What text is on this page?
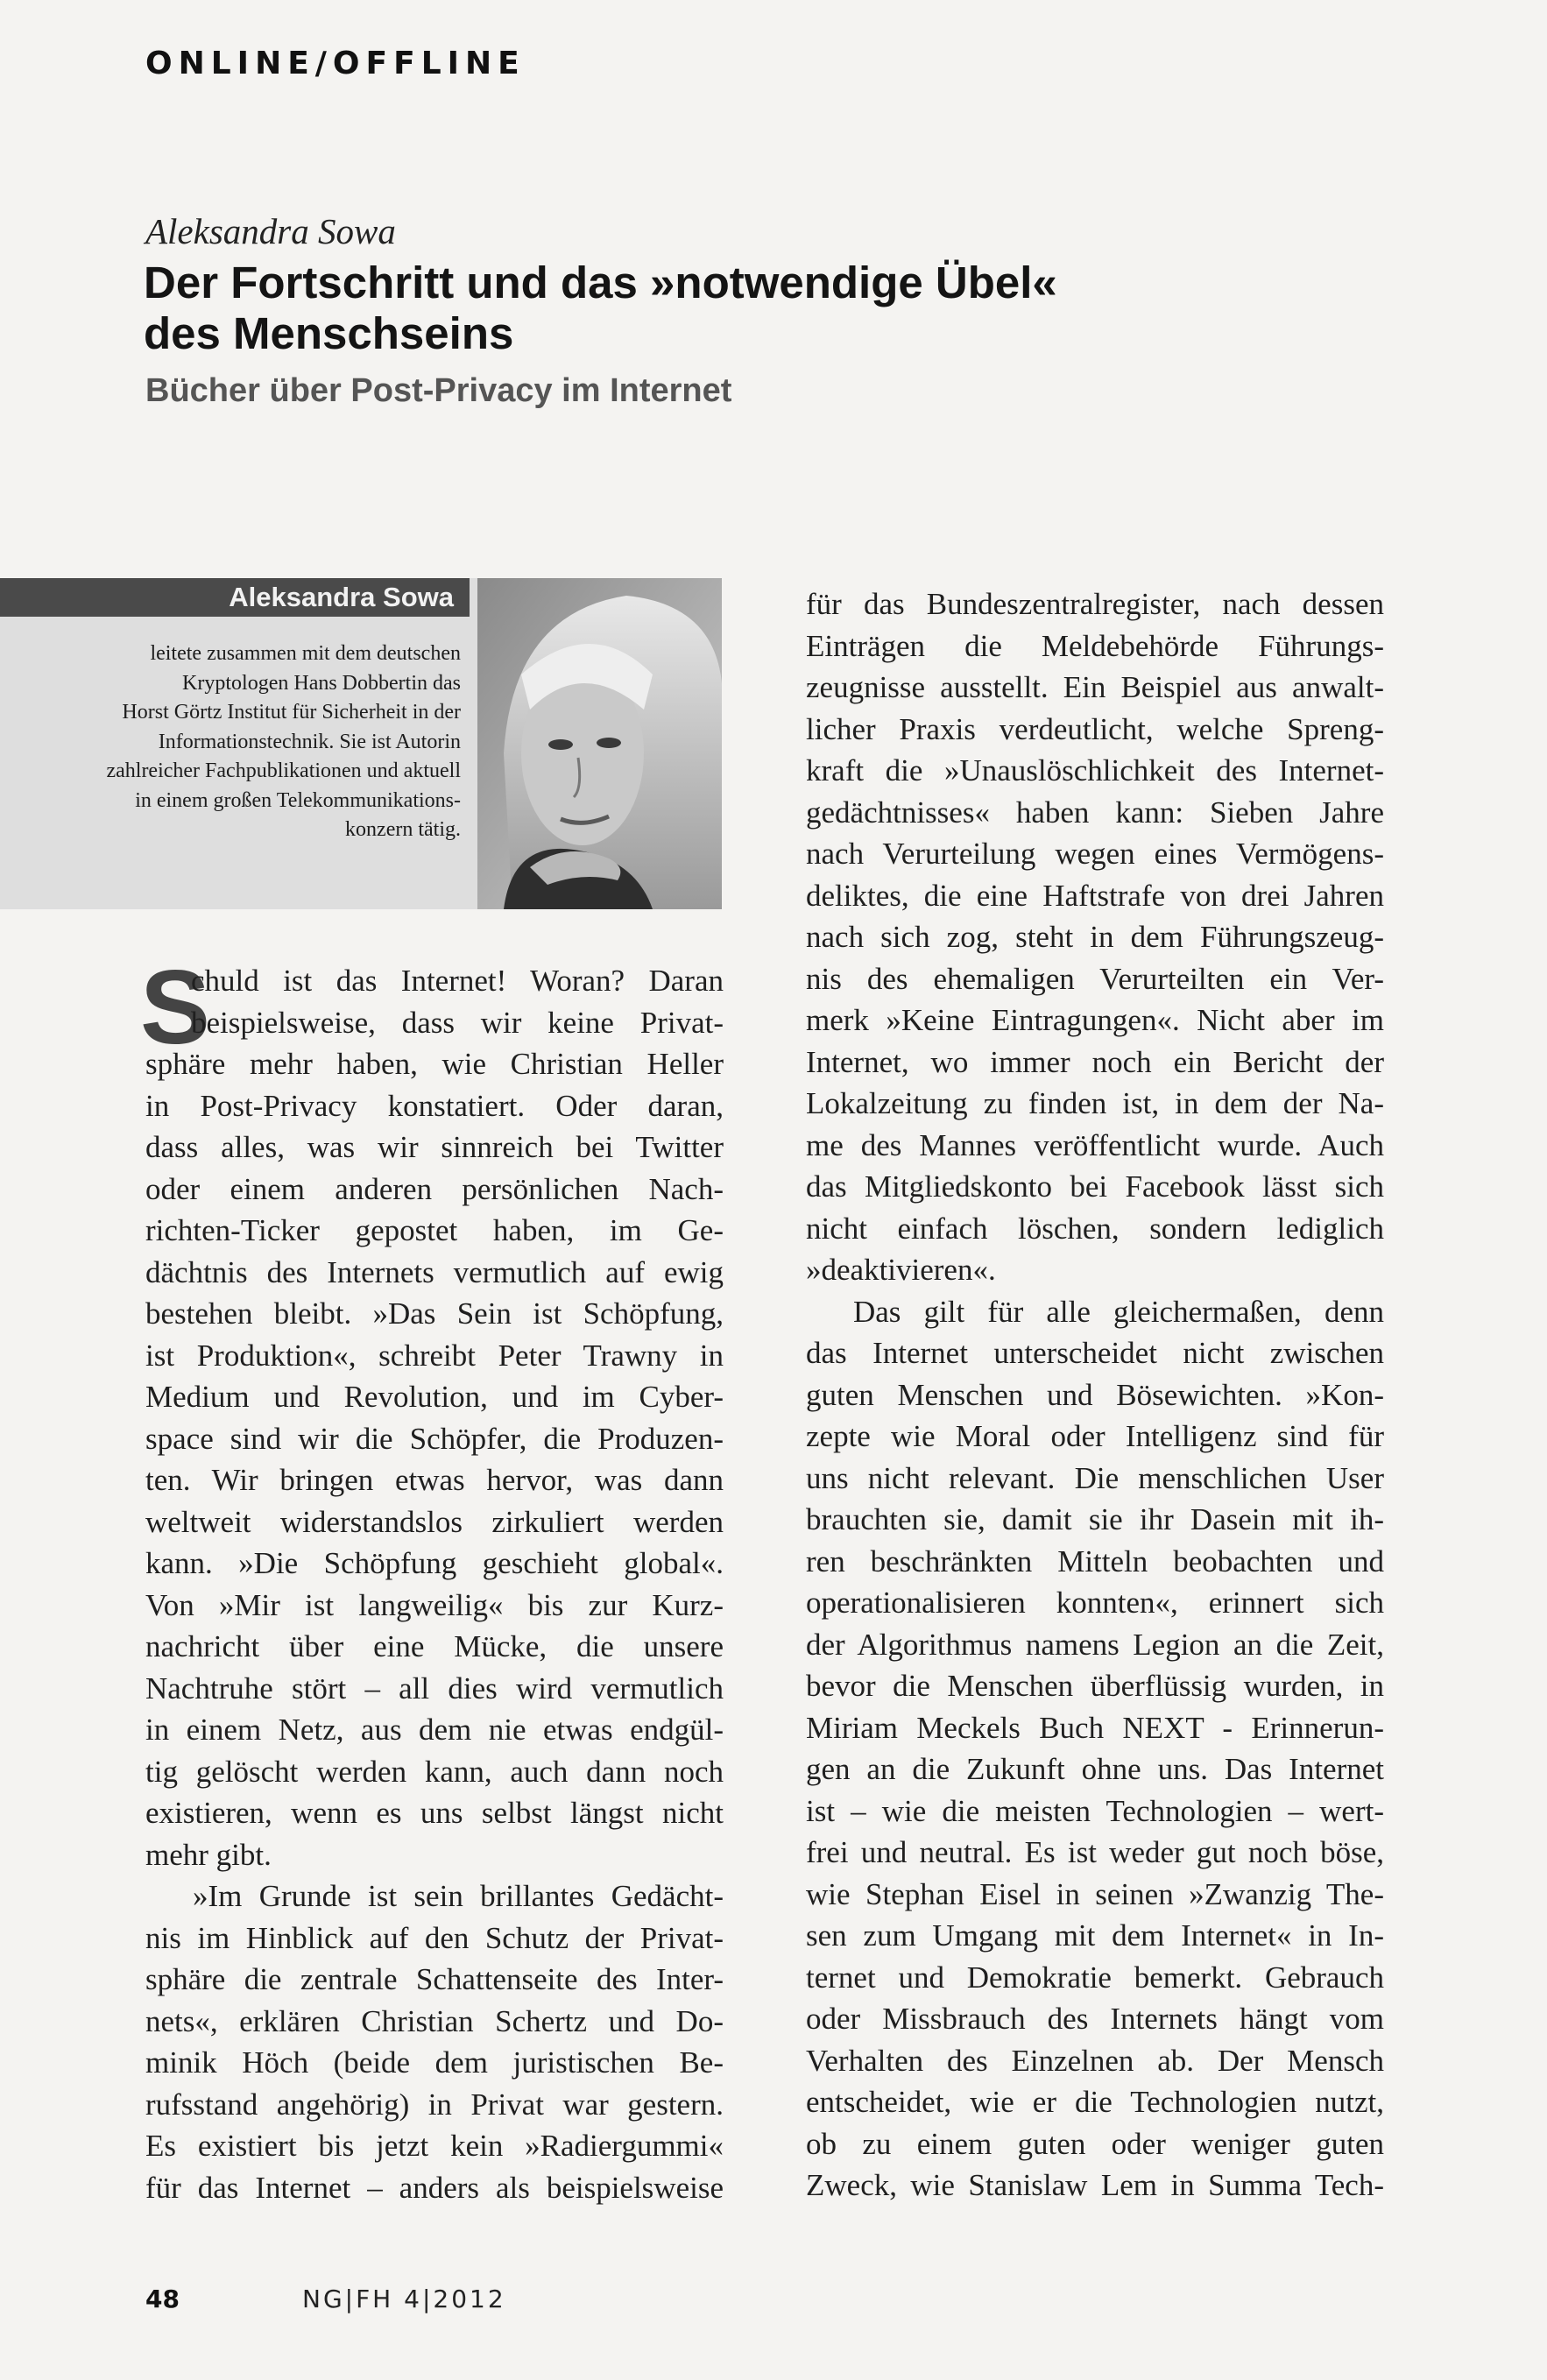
ONLINE/OFFLINE
Aleksandra Sowa
Der Fortschritt und das »notwendige Übel«
des Menschseins
Bücher über Post-Privacy im Internet
Aleksandra Sowa
leitete zusammen mit dem deutschen
Kryptologen Hans Dobbertin das
Horst Görtz Institut für Sicherheit in der
Informationstechnik. Sie ist Autorin
zahlreicher Fachpublikationen und aktuell
in einem großen Telekommunikations-
konzern tätig.
S
chuld ist das Internet! Woran? Daran
beispielsweise, dass wir keine Privat-
sphäre mehr haben, wie Christian Heller
in Post-Privacy konstatiert. Oder daran,
dass alles, was wir sinnreich bei Twitter
oder einem anderen persönlichen Nach-
richten-Ticker gepostet haben, im Ge-
dächtnis des Internets vermutlich auf ewig
bestehen bleibt. »Das Sein ist Schöpfung,
ist Produktion«, schreibt Peter Trawny in
Medium und Revolution, und im Cyber-
space sind wir die Schöpfer, die Produzen-
ten. Wir bringen etwas hervor, was dann
weltweit widerstandslos zirkuliert werden
kann. »Die Schöpfung geschieht global«.
Von »Mir ist langweilig« bis zur Kurz-
nachricht über eine Mücke, die unsere
Nachtruhe stört – all dies wird vermutlich
in einem Netz, aus dem nie etwas endgül-
tig gelöscht werden kann, auch dann noch
existieren, wenn es uns selbst längst nicht
mehr gibt.
»Im Grunde ist sein brillantes Gedächt-
nis im Hinblick auf den Schutz der Privat-
sphäre die zentrale Schattenseite des Inter-
nets«, erklären Christian Schertz und Do-
minik Höch (beide dem juristischen Be-
rufsstand angehörig) in Privat war gestern.
Es existiert bis jetzt kein »Radiergummi«
für das Internet – anders als beispielsweise
für das Bundeszentralregister, nach dessen
Einträgen die Meldebehörde Führungs-
zeugnisse ausstellt. Ein Beispiel aus anwalt-
licher Praxis verdeutlicht, welche Spreng-
kraft die »Unauslöschlichkeit des Internet-
gedächtnisses« haben kann: Sieben Jahre
nach Verurteilung wegen eines Vermögens-
deliktes, die eine Haftstrafe von drei Jahren
nach sich zog, steht in dem Führungszeug-
nis des ehemaligen Verurteilten ein Ver-
merk »Keine Eintragungen«. Nicht aber im
Internet, wo immer noch ein Bericht der
Lokalzeitung zu finden ist, in dem der Na-
me des Mannes veröffentlicht wurde. Auch
das Mitgliedskonto bei Facebook lässt sich
nicht einfach löschen, sondern lediglich
»deaktivieren«.
Das gilt für alle gleichermaßen, denn
das Internet unterscheidet nicht zwischen
guten Menschen und Bösewichten. »Kon-
zepte wie Moral oder Intelligenz sind für
uns nicht relevant. Die menschlichen User
brauchten sie, damit sie ihr Dasein mit ih-
ren beschränkten Mitteln beobachten und
operationalisieren konnten«, erinnert sich
der Algorithmus namens Legion an die Zeit,
bevor die Menschen überflüssig wurden, in
Miriam Meckels Buch NEXT - Erinnerun-
gen an die Zukunft ohne uns. Das Internet
ist – wie die meisten Technologien – wert-
frei und neutral. Es ist weder gut noch böse,
wie Stephan Eisel in seinen »Zwanzig The-
sen zum Umgang mit dem Internet« in In-
ternet und Demokratie bemerkt. Gebrauch
oder Missbrauch des Internets hängt vom
Verhalten des Einzelnen ab. Der Mensch
entscheidet, wie er die Technologien nutzt,
ob zu einem guten oder weniger guten
Zweck, wie Stanislaw Lem in Summa Tech-
48	NG|FH 4|2012
